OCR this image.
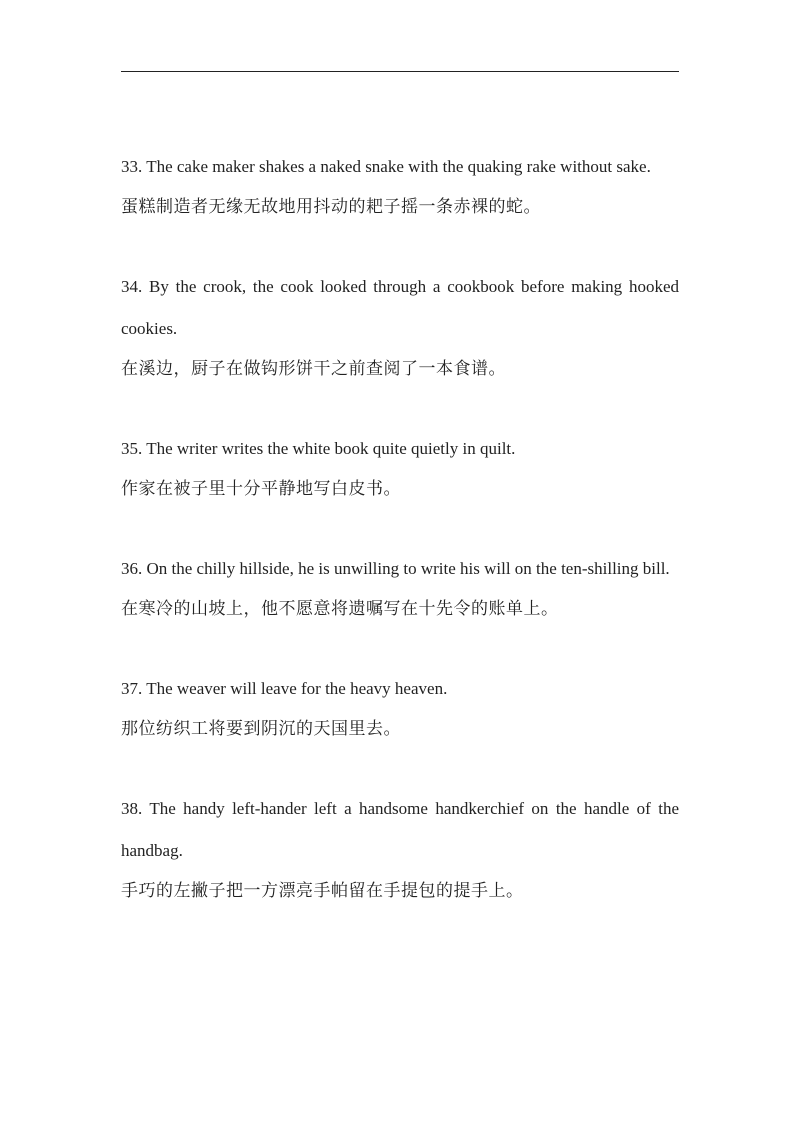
33. The cake maker shakes a naked snake with the quaking rake without sake.
蛋糕制造者无缘无故地用抖动的耙子摇一条赤裸的蛇。
34. By the crook, the cook looked through a cookbook before making hooked cookies.
在溪边，厨子在做钩形饼干之前查阅了一本食谱。
35. The writer writes the white book quite quietly in quilt.
作家在被子里十分平静地写白皮书。
36. On the chilly hillside, he is unwilling to write his will on the ten-shilling bill.
在寒冷的山坡上，他不愿意将遗嘱写在十先令的账单上。
37. The weaver will leave for the heavy heaven.
那位纺织工将要到阴沉的天国里去。
38. The handy left-hander left a handsome handkerchief on the handle of the handbag.
手巧的左撇子把一方漂亮手帕留在手提包的提手上。
